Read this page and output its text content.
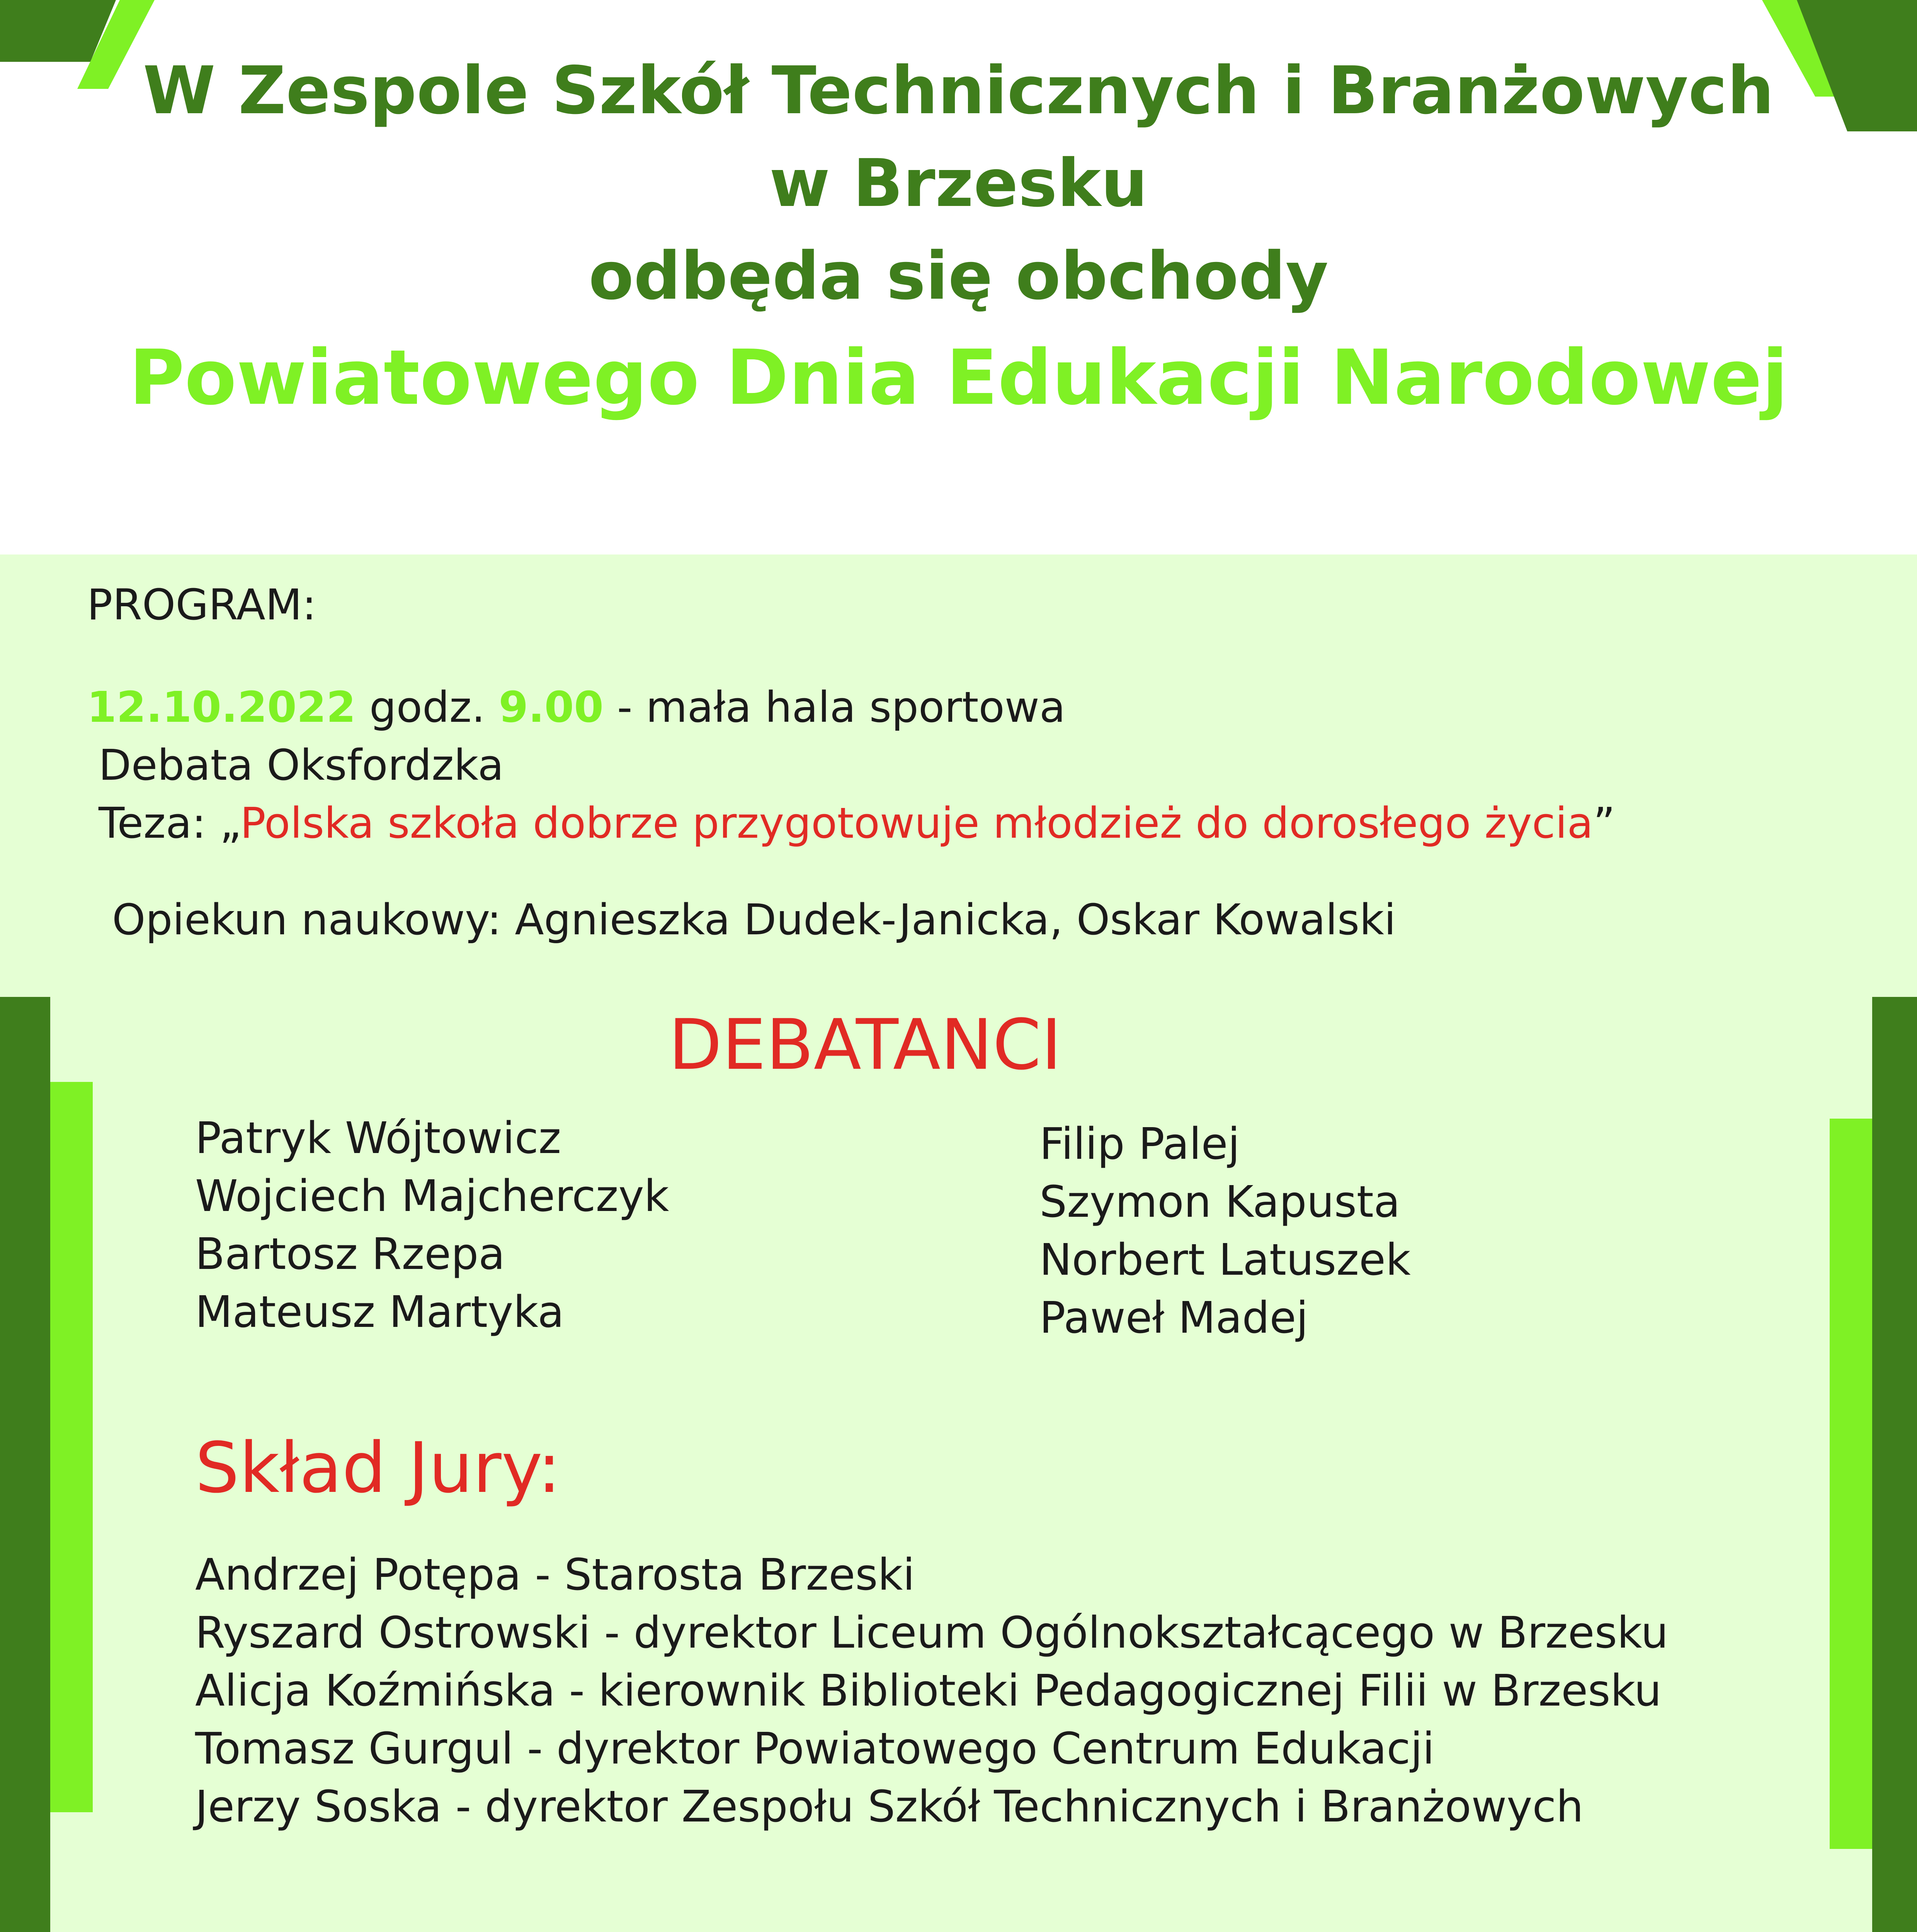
W Zespole Szkół Technicznych i Branżowych
w Brzesku
odbęda się obchody
Powiatowego Dnia Edukacji Narodowej
PROGRAM:
12.10.2022 godz. 9.00 - mała hala sportowa
Debata Oksfordzka
Teza: „Polska szkoła dobrze przygotowuje młodzież do dorosłego życia”
Opiekun naukowy: Agnieszka Dudek-Janicka, Oskar Kowalski
DEBATANCI
Patryk Wójtowicz
Wojciech Majcherczyk
Bartosz Rzepa
Mateusz Martyka
Filip Palej
Szymon Kapusta
Norbert Latuszek
Paweł Madej
Skład Jury:
Andrzej Potępa - Starosta Brzeski
Ryszard Ostrowski - dyrektor Liceum Ogólnokształcącego w Brzesku
Alicja Koźmińska - kierownik Biblioteki Pedagogicznej Filii w Brzesku
Tomasz Gurgul - dyrektor Powiatowego Centrum Edukacji
Jerzy Soska - dyrektor Zespołu Szkół Technicznych i Branżowych
